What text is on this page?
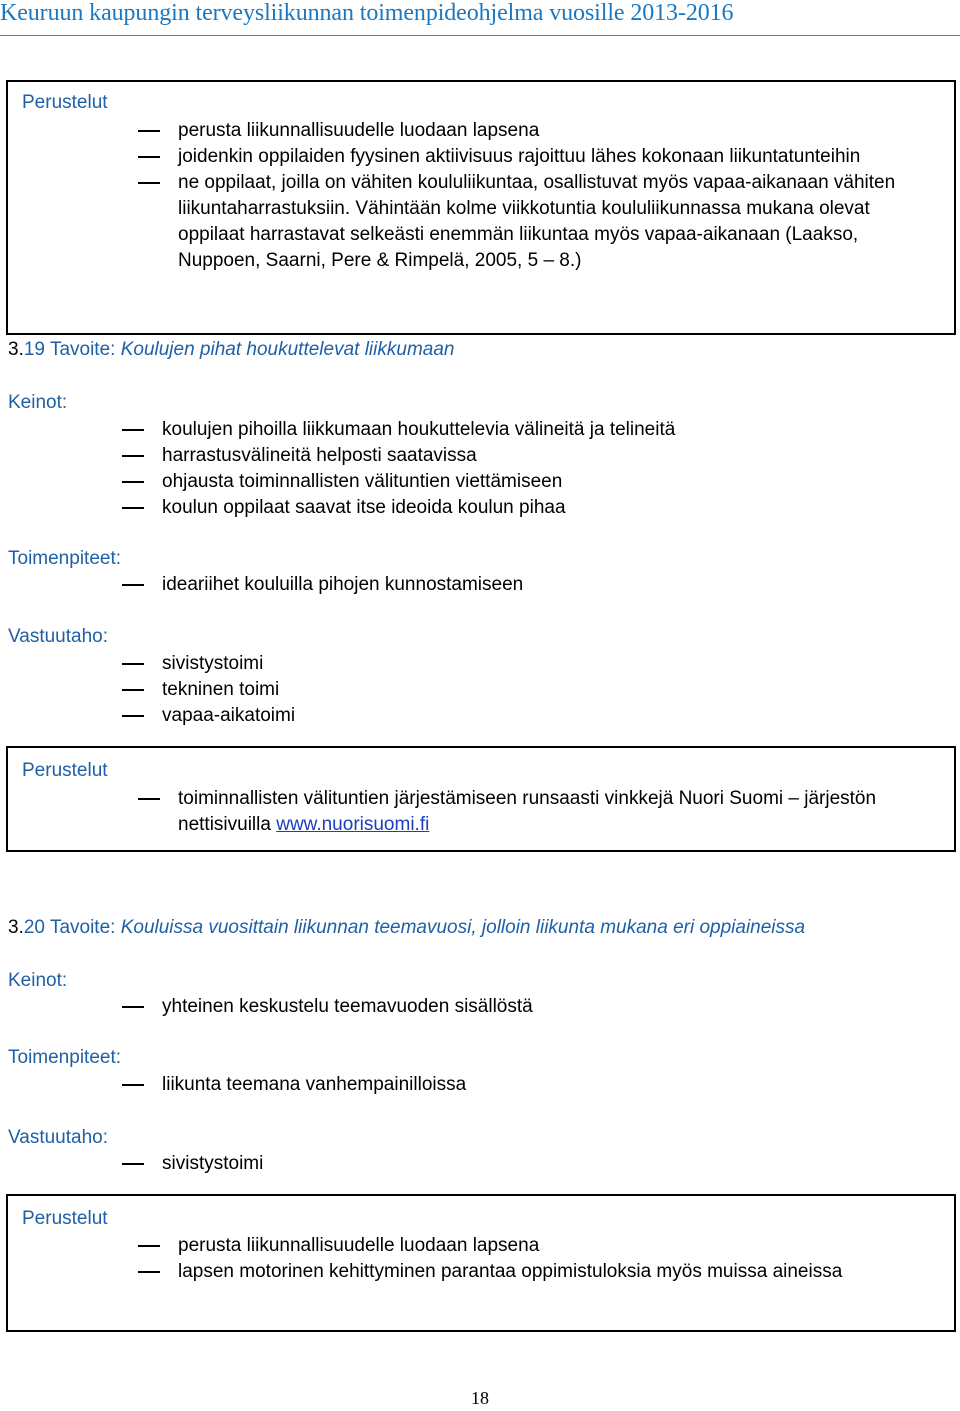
Keuruun kaupungin terveysliikunnan toimenpideohjelma vuosille 2013-2016
Perustelut
perusta liikunnallisuudelle luodaan lapsena
joidenkin oppilaiden fyysinen aktiivisuus rajoittuu lähes kokonaan liikuntatunteihin
ne oppilaat, joilla on vähiten koululiikuntaa, osallistuvat myös vapaa-aikanaan vähiten liikuntaharrastuksiin. Vähintään kolme viikkotuntia koululiikunnassa mukana olevat oppilaat harrastavat selkeästi enemmän liikuntaa myös vapaa-aikanaan (Laakso, Nuppoen, Saarni, Pere & Rimpelä, 2005, 5 – 8.)
3.19 Tavoite: Koulujen pihat houkuttelevat liikkumaan
Keinot:
koulujen pihoilla liikkumaan houkuttelevia välineitä ja telineitä
harrastusvälineitä helposti saatavissa
ohjausta toiminnallisten välituntien viettämiseen
koulun oppilaat saavat itse ideoida koulun pihaa
Toimenpiteet:
ideariihet kouluilla pihojen kunnostamiseen
Vastuutaho:
sivistystoimi
tekninen toimi
vapaa-aikatoimi
Perustelut
toiminnallisten välituntien järjestämiseen runsaasti vinkkejä Nuori Suomi – järjestön nettisivuilla www.nuorisuomi.fi
3.20 Tavoite: Kouluissa vuosittain liikunnan teemavuosi, jolloin liikunta mukana eri oppiaineissa
Keinot:
yhteinen keskustelu teemavuoden sisällöstä
Toimenpiteet:
liikunta teemana vanhempainilloissa
Vastuutaho:
sivistystoimi
Perustelut
perusta liikunnallisuudelle luodaan lapsena
lapsen motorinen kehittyminen parantaa oppimistuloksia myös muissa aineissa
18
